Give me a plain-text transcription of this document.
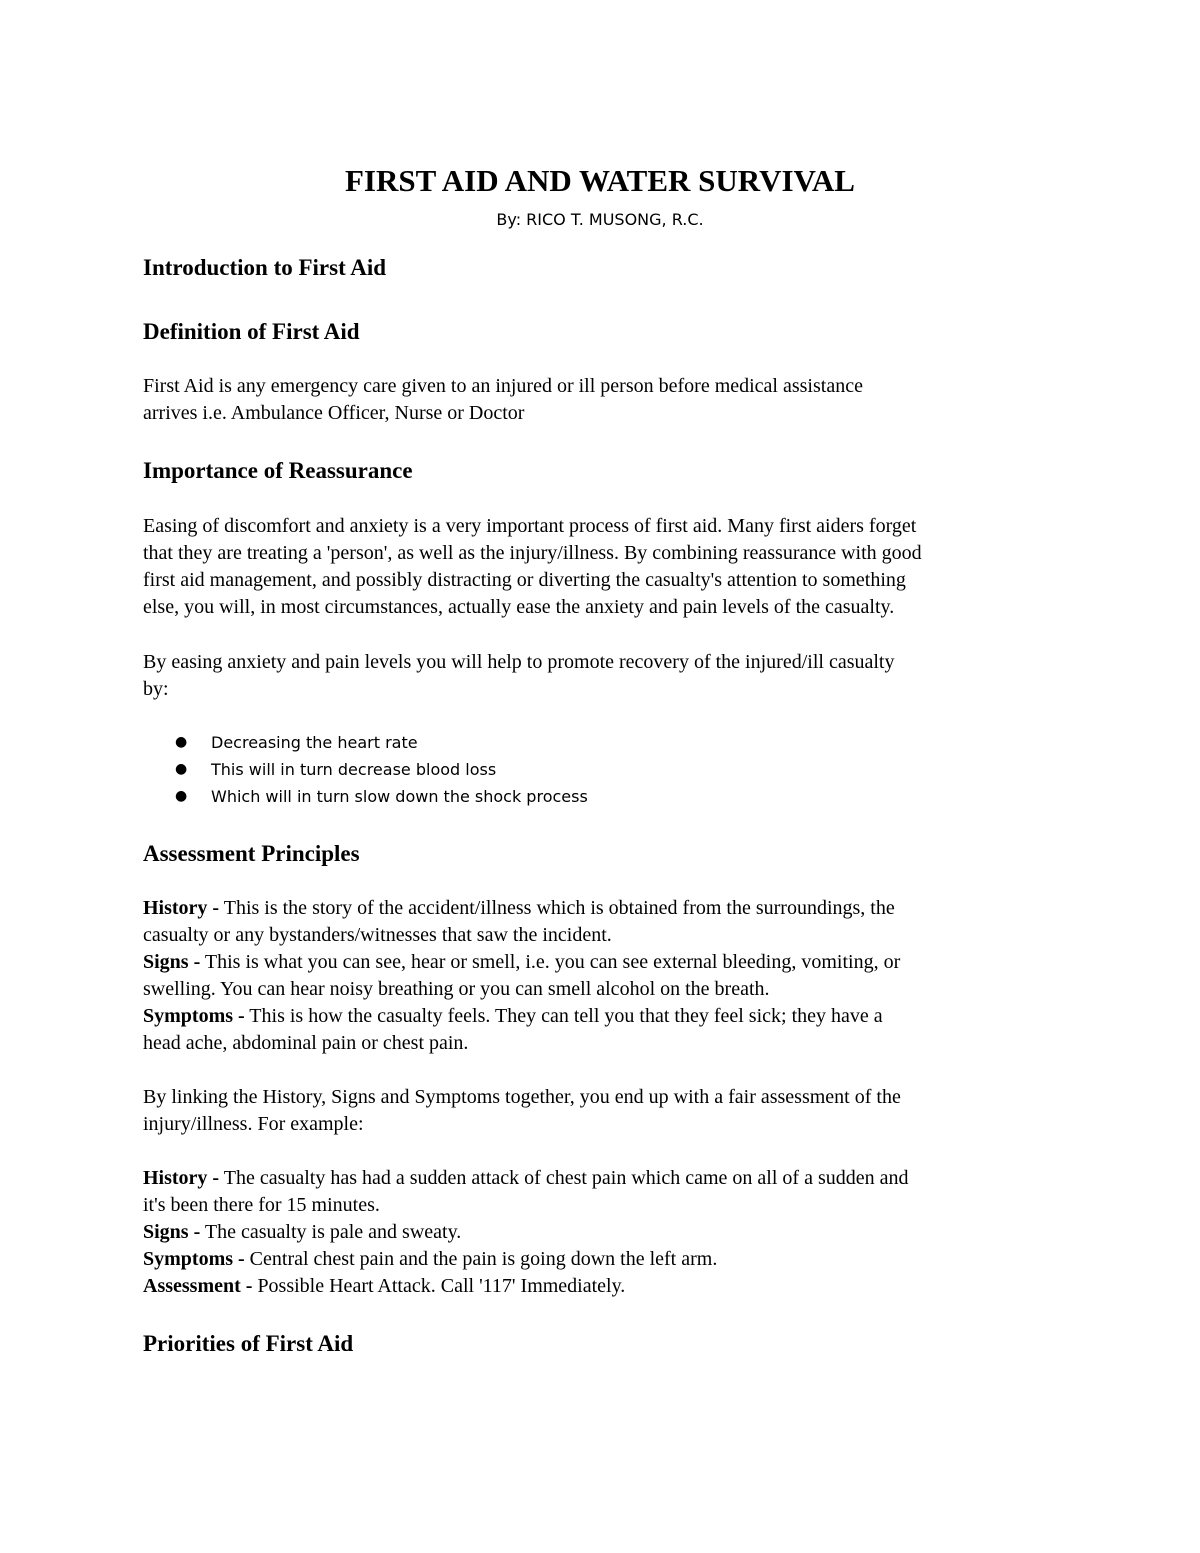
FIRST AID AND WATER SURVIVAL
By: RICO T. MUSONG, R.C.
Introduction to First Aid
Definition of First Aid
First Aid is any emergency care given to an injured or ill person before medical assistance
arrives i.e. Ambulance Officer, Nurse or Doctor
Importance of Reassurance
Easing of discomfort and anxiety is a very important process of first aid. Many first aiders forget
that they are treating a 'person', as well as the injury/illness. By combining reassurance with good
first aid management, and possibly distracting or diverting the casualty's attention to something
else, you will, in most circumstances, actually ease the anxiety and pain levels of the casualty.
By easing anxiety and pain levels you will help to promote recovery of the injured/ill casualty
by:
● Decreasing the heart rate
● This will in turn decrease blood loss
● Which will in turn slow down the shock process
Assessment Principles
History - This is the story of the accident/illness which is obtained from the surroundings, the
casualty or any bystanders/witnesses that saw the incident.
Signs - This is what you can see, hear or smell, i.e. you can see external bleeding, vomiting, or
swelling. You can hear noisy breathing or you can smell alcohol on the breath.
Symptoms - This is how the casualty feels. They can tell you that they feel sick; they have a
head ache, abdominal pain or chest pain.
By linking the History, Signs and Symptoms together, you end up with a fair assessment of the
injury/illness. For example:
History - The casualty has had a sudden attack of chest pain which came on all of a sudden and
it's been there for 15 minutes.
Signs - The casualty is pale and sweaty.
Symptoms - Central chest pain and the pain is going down the left arm.
Assessment - Possible Heart Attack. Call '117' Immediately.
Priorities of First Aid
